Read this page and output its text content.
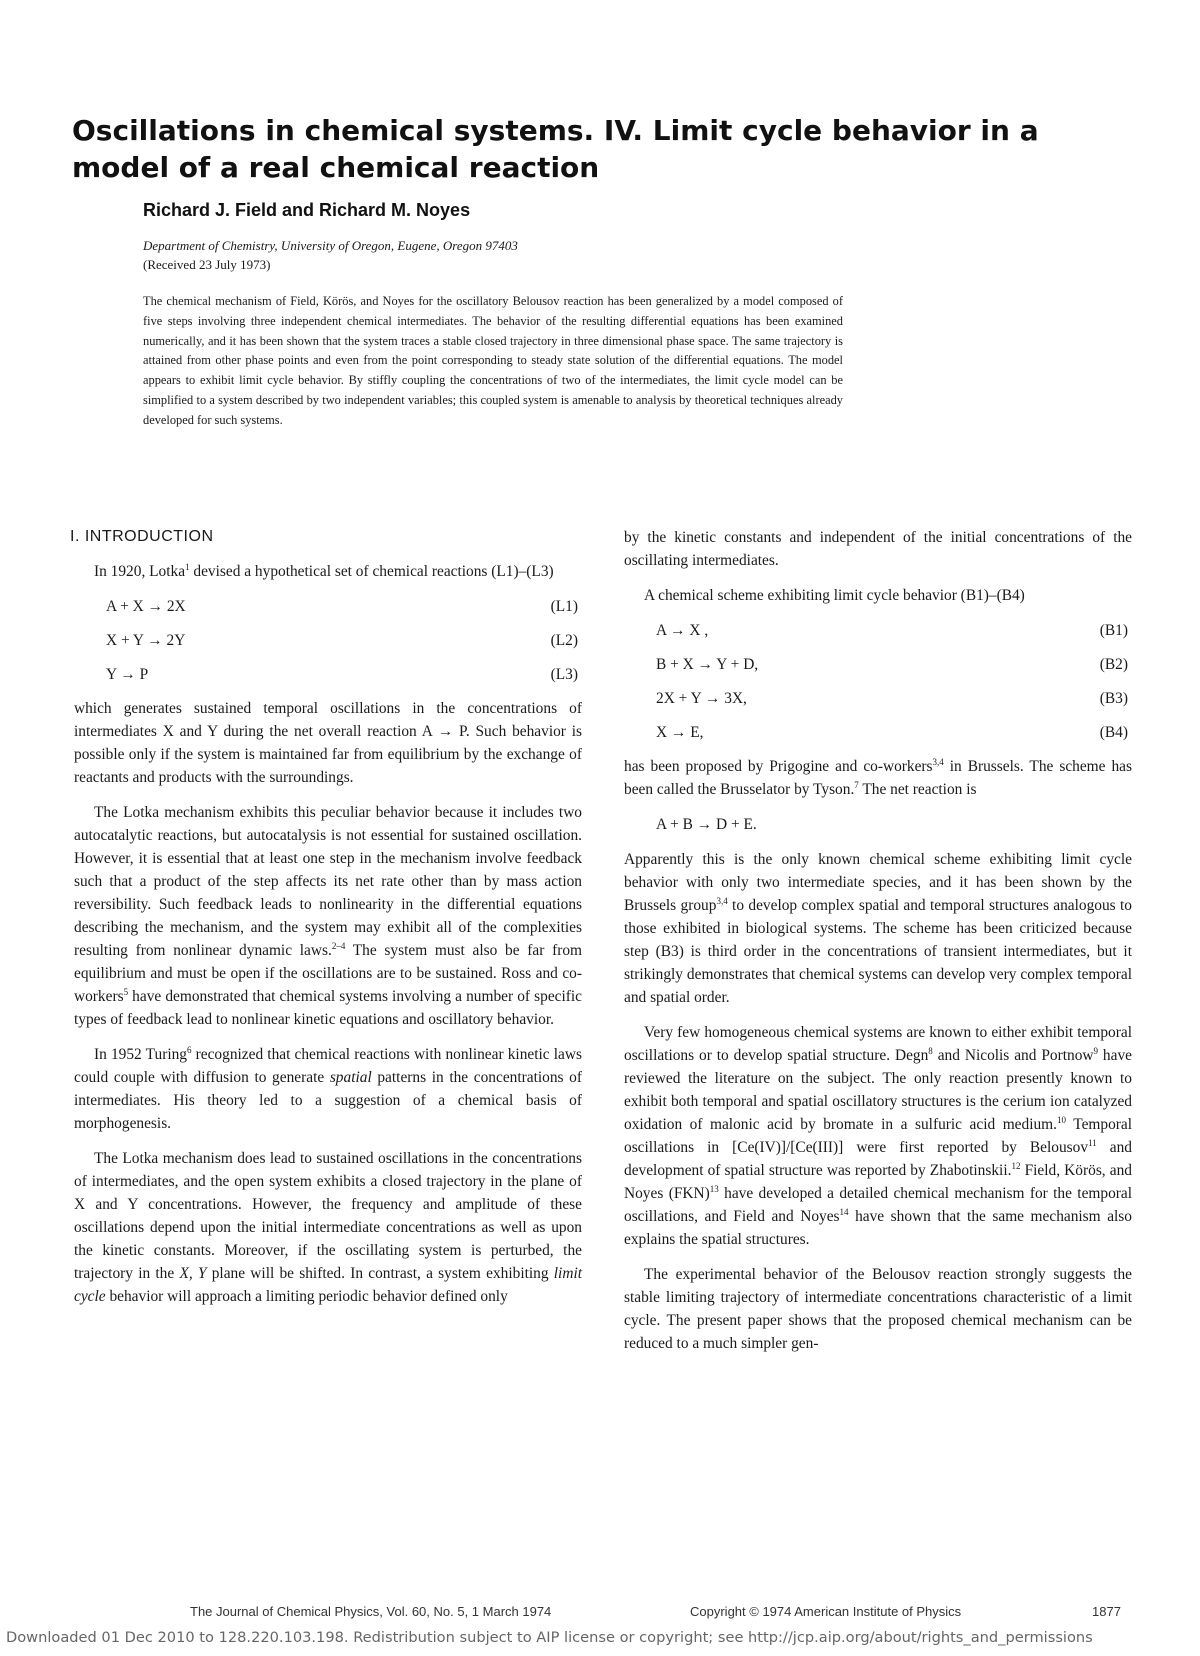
Oscillations in chemical systems. IV. Limit cycle behavior in a model of a real chemical reaction
Richard J. Field and Richard M. Noyes
Department of Chemistry, University of Oregon, Eugene, Oregon 97403
(Received 23 July 1973)

The chemical mechanism of Field, Körös, and Noyes for the oscillatory Belousov reaction has been generalized by a model composed of five steps involving three independent chemical intermediates. The behavior of the resulting differential equations has been examined numerically, and it has been shown that the system traces a stable closed trajectory in three dimensional phase space. The same trajectory is attained from other phase points and even from the point corresponding to steady state solution of the differential equations. The model appears to exhibit limit cycle behavior. By stiffly coupling the concentrations of two of the intermediates, the limit cycle model can be simplified to a system described by two independent variables; this coupled system is amenable to analysis by theoretical techniques already developed for such systems.

I. INTRODUCTION

In 1920, Lotka$^1$ devised a hypothetical set of chemical reactions (L1)–(L3)

A + X → 2X	(L1)
X + Y → 2Y	(L2)
Y → P	(L3)

which generates sustained temporal oscillations in the concentrations of intermediates X and Y during the net overall reaction A → P. Such behavior is possible only if the system is maintained far from equilibrium by the exchange of reactants and products with the surroundings.

The Lotka mechanism exhibits this peculiar behavior because it includes two autocatalytic reactions, but autocatalysis is not essential for sustained oscillation. However, it is essential that at least one step in the mechanism involve feedback such that a product of the step affects its net rate other than by mass action reversibility. Such feedback leads to nonlinearity in the differential equations describing the mechanism, and the system may exhibit all of the complexities resulting from nonlinear dynamic laws.$^{2-4}$ The system must also be far from equilibrium and must be open if the oscillations are to be sustained. Ross and co-workers$^5$ have demonstrated that chemical systems involving a number of specific types of feedback lead to nonlinear kinetic equations and oscillatory behavior.

In 1952 Turing$^6$ recognized that chemical reactions with nonlinear kinetic laws could couple with diffusion to generate spatial patterns in the concentrations of intermediates. His theory led to a suggestion of a chemical basis of morphogenesis.

The Lotka mechanism does lead to sustained oscillations in the concentrations of intermediates, and the open system exhibits a closed trajectory in the plane of X and Y concentrations. However, the frequency and amplitude of these oscillations depend upon the initial intermediate concentrations as well as upon the kinetic constants. Moreover, if the oscillating system is perturbed, the trajectory in the X, Y plane will be shifted. In contrast, a system exhibiting limit cycle behavior will approach a limiting periodic behavior defined only

by the kinetic constants and independent of the initial concentrations of the oscillating intermediates.

A chemical scheme exhibiting limit cycle behavior (B1)–(B4)

A → X ,	(B1)
B + X → Y + D,	(B2)
2X + Y → 3X,	(B3)
X → E,	(B4)

has been proposed by Prigogine and co-workers$^{3,4}$ in Brussels. The scheme has been called the Brusselator by Tyson.$^7$ The net reaction is

A + B → D + E.

Apparently this is the only known chemical scheme exhibiting limit cycle behavior with only two intermediate species, and it has been shown by the Brussels group$^{3,4}$ to develop complex spatial and temporal structures analogous to those exhibited in biological systems. The scheme has been criticized because step (B3) is third order in the concentrations of transient intermediates, but it strikingly demonstrates that chemical systems can develop very complex temporal and spatial order.

Very few homogeneous chemical systems are known to either exhibit temporal oscillations or to develop spatial structure. Degn$^8$ and Nicolis and Portnow$^9$ have reviewed the literature on the subject. The only reaction presently known to exhibit both temporal and spatial oscillatory structures is the cerium ion catalyzed oxidation of malonic acid by bromate in a sulfuric acid medium.$^{10}$ Temporal oscillations in [Ce(IV)]/[Ce(III)] were first reported by Belousov$^{11}$ and development of spatial structure was reported by Zhabotinskii.$^{12}$ Field, Körös, and Noyes (FKN)$^{13}$ have developed a detailed chemical mechanism for the temporal oscillations, and Field and Noyes$^{14}$ have shown that the same mechanism also explains the spatial structures.

The experimental behavior of the Belousov reaction strongly suggests the stable limiting trajectory of intermediate concentrations characteristic of a limit cycle. The present paper shows that the proposed chemical mechanism can be reduced to a much simpler gen-

The Journal of Chemical Physics, Vol. 60, No. 5, 1 March 1974	Copyright © 1974 American Institute of Physics	1877
Downloaded 01 Dec 2010 to 128.220.103.198. Redistribution subject to AIP license or copyright; see http://jcp.aip.org/about/rights_and_permissions
